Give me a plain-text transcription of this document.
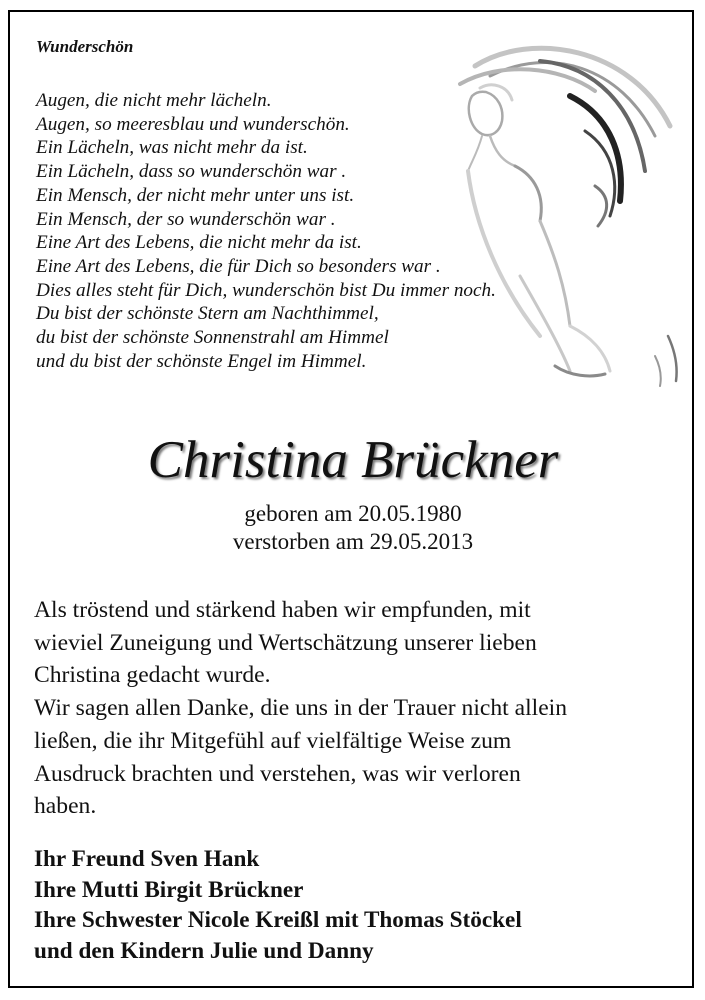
Wunderschön
Augen, die nicht mehr lächeln.
Augen, so meeresblau und wunderschön.
Ein Lächeln, was nicht mehr da ist.
Ein Lächeln, dass so wunderschön war .
Ein Mensch, der nicht mehr unter uns ist.
Ein Mensch, der so wunderschön war .
Eine Art des Lebens, die nicht mehr da ist.
Eine Art des Lebens, die für Dich so besonders war .
Dies alles steht für Dich, wunderschön bist Du immer noch.
Du bist der schönste Stern am Nachthimmel,
du bist der schönste Sonnenstrahl am Himmel
und du bist der schönste Engel im Himmel.
Christina Brückner
geboren am 20.05.1980
verstorben am 29.05.2013
Als tröstend und stärkend haben wir empfunden, mit
wieviel Zuneigung und Wertschätzung unserer lieben
Christina gedacht wurde.
Wir sagen allen Danke, die uns in der Trauer nicht allein
ließen, die ihr Mitgefühl auf vielfältige Weise zum
Ausdruck brachten und verstehen, was wir verloren
haben.
Ihr Freund Sven Hank
Ihre Mutti Birgit Brückner
Ihre Schwester Nicole Kreißl mit Thomas Stöckel
und den Kindern Julie und Danny
